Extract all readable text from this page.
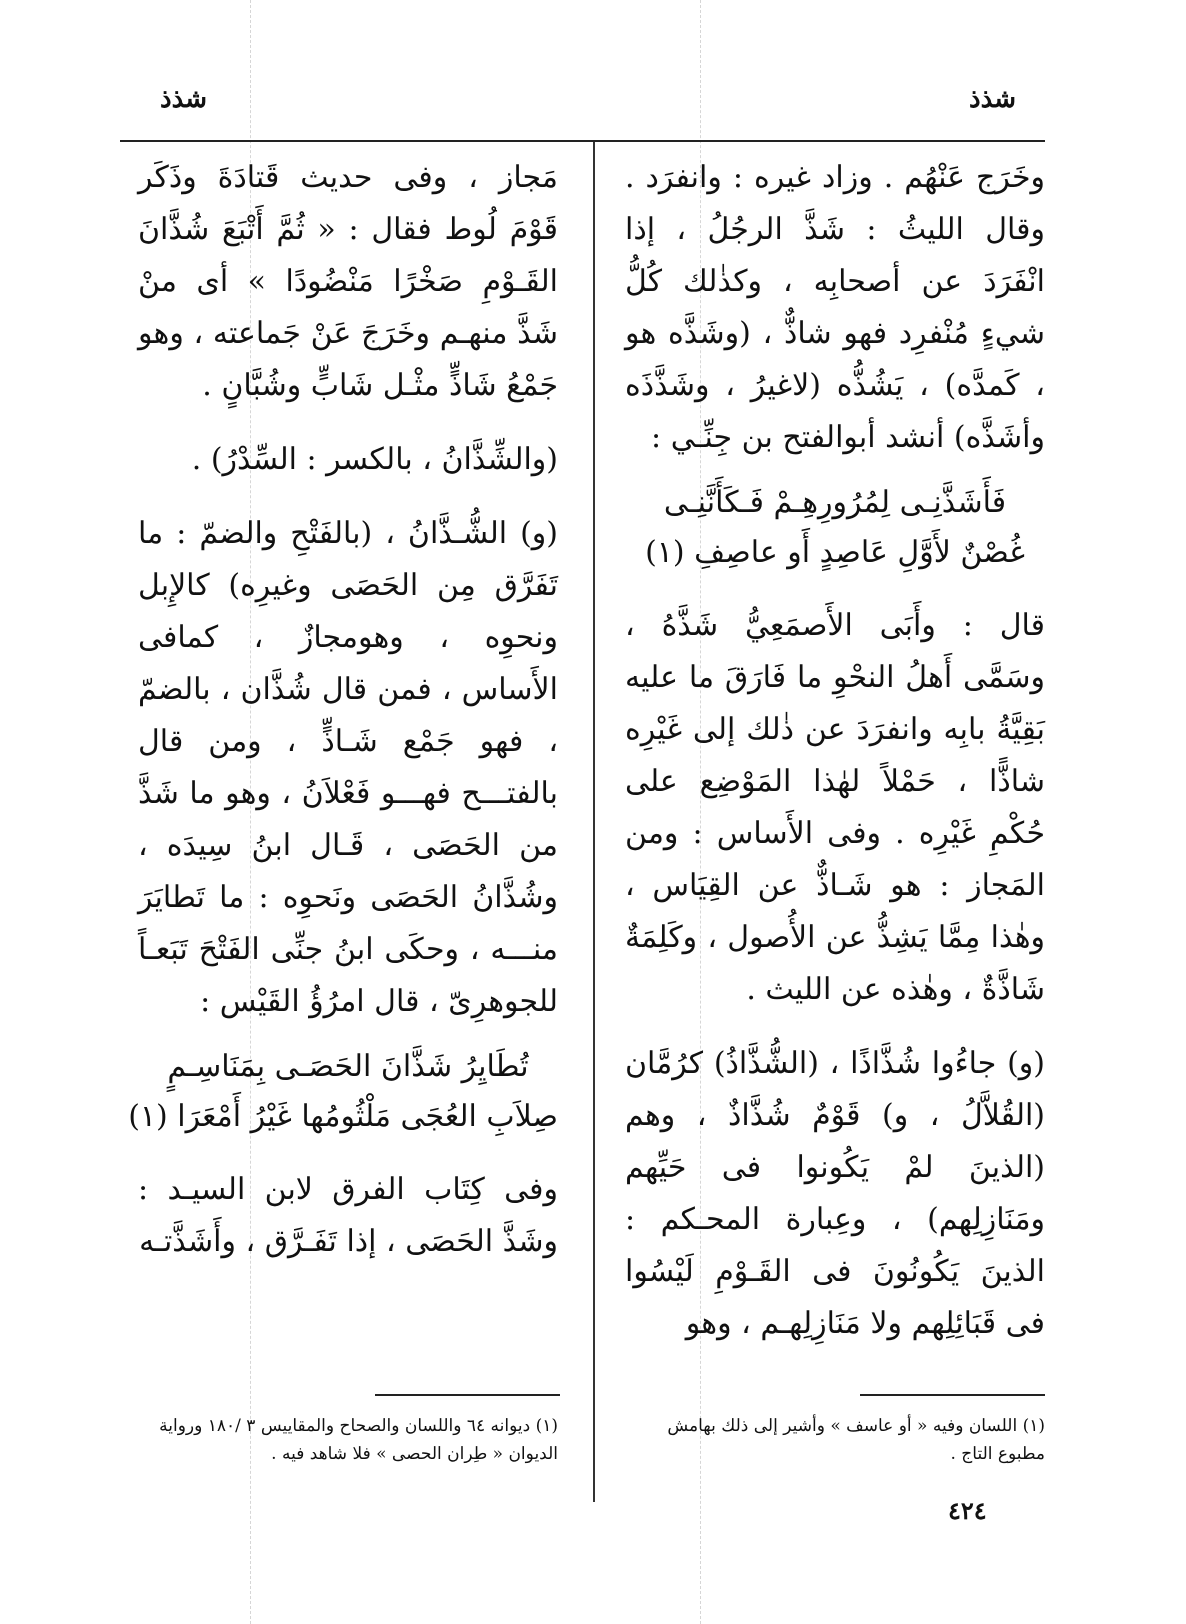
شذذ
شذذ

وخَرَج عَنْهُم . وزاد غيره : وانفرَد . وقال الليثُ : شَذَّ الرجُلُ ، إذا انْفَرَدَ عن أصحابِه ، وكذٰلك كُلُّ شيءٍ مُنْفرِد فهو شاذٌّ ، (وشَذَّه هو ، كَمدَّه) ، يَشُذُّه (لاغيرُ ، وشَذَّذَه وأشَذَّه) أنشد أبوالفتح بن جِنِّـي :

فَأَشَذَّنِـى لِمُرُورِهِـمْ فَـكَأَنَّنِـى
غُصْنٌ لأَوَّلِ عَاصِدٍ أَو عاصِفِ (١)

قال : وأَبَى الأَصمَعِيُّ شَذَّهُ ، وسَمَّى أَهلُ النحْوِ ما فَارَقَ ما عليه بَقِيَّةُ بابِه وانفرَدَ عن ذٰلك إلى غَيْرِه شاذًّا ، حَمْلاً لهٰذا المَوْضِع على حُكْمِ غَيْرِه . وفى الأَساس : ومن المَجاز : هو شَـاذٌّ عن القِيَاس ، وهٰذا مِمَّا يَشِذُّ عن الأُصول ، وكَلِمَةٌ شَاذَّةٌ ، وهٰذه عن الليث .

(و) جاءُوا شُذَّاذًا ، (الشُّذَّاذُ) كرُمَّان (القُلاَّلُ ، و) قَوْمٌ شُذَّاذٌ ، وهم (الذينَ لمْ يَكُونوا فى حَيِّهم ومَنَازِلِهم) ، وعِبارة المحـكم : الذينَ يَكُونُونَ فى القَـوْمِ لَيْسُوا فى قَبَائِلِهم ولا مَنَازِلِهـم ، وهو

مَجاز ، وفى حديث قَتادَةَ وذَكَر قَوْمَ لُوط فقال : « ثُمَّ أَتْبَعَ شُذَّانَ القَـوْمِ صَخْرًا مَنْضُودًا » أى منْ شَذَّ منهـم وخَرَجَ عَنْ جَماعته ، وهو جَمْعُ شَاذٍّ مثْـل شَابٍّ وشُبَّانٍ .

(والشِّذَّانُ ، بالكسر : السِّدْرُ) .

(و) الشُّـذَّانُ ، (بالفَتْحِ والضمّ : ما تَفَرَّق مِن الحَصَى وغيرِه) كالإِبل ونحوِه ، وهومجازٌ ، كمافى الأَساس ، فمن قال شُذَّان ، بالضمّ ، فهو جَمْع شَـاذٍّ ، ومن قال بالفتـــح فهـــو فَعْلاَنُ ، وهو ما شَذَّ من الحَصَى ، قَـال ابنُ سِيدَه ، وشُذَّانُ الحَصَى ونَحوِه : ما تَطايَرَ منـــه ، وحكَى ابنُ جنِّى الفَتْحَ تَبَعـاً للجوهرِىّ ، قال امرُؤُ القَيْس :

تُطَايِرُ شَذَّانَ الحَصَـى بِمَنَاسِـمٍ
صِلاَبِ العُجَى مَلْثُومُها غَيْرُ أَمْعَرَا (١)

وفى كِتَاب الفرق لابن السيـد : وشَذَّ الحَصَى ، إذا تَفَـرَّق ، وأَشَذَّتـه

(١) اللسان وفيه « أو عاسف » وأشير إلى ذلك بهامش مطبوع التاج .
(١) ديوانه ٦٤ واللسان والصحاح والمقاييس ٣ /١٨٠ ورواية الديوان « طِران الحصى » فلا شاهد فيه .
٤٢٤
